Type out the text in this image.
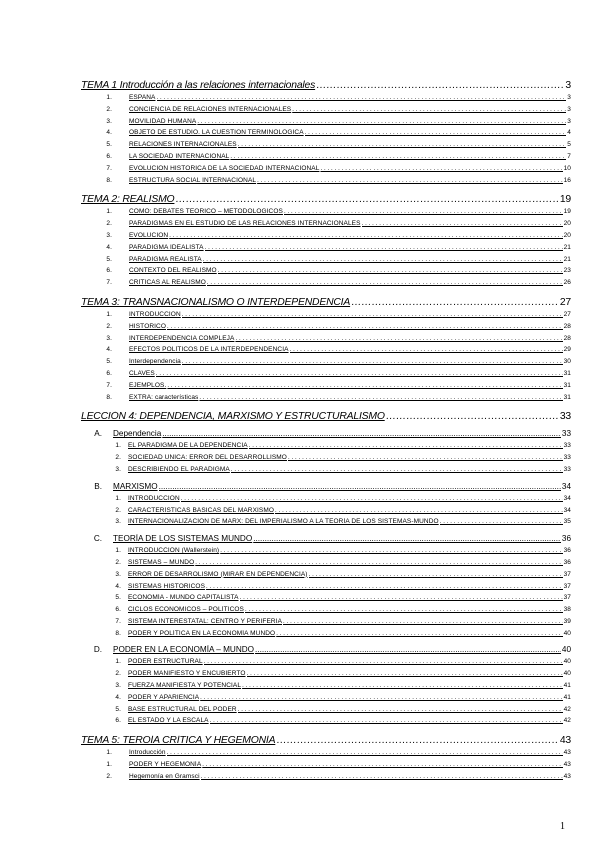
TEMA 1 Introducción a las relaciones internacionales ………………………………………………………………………………………………………………………………………………………………………………………………………………………………………	3
1.	ESPAÑA . . .	3
2.	CONCIENCIA DE RELACIONES INTERNACIONALES . . .	3
3.	MOVILIDAD HUMANA . . .	3
4.	OBJETO DE ESTUDIO. LA CUESTIÓN TERMINOLÓGICA . . .	4
5.	RELACIONES INTERNACIONALES . . .	5
6.	LA SOCIEDAD INTERNACIONAL . . .	7
7.	EVOLUCIÓN HISTÓRICA DE LA SOCIEDAD INTERNACIONAL . . .	10
8.	ESTRUCTURA SOCIAL INTERNACIONAL . . .	16
TEMA 2: REALISMO ………………………………………………………………………………………………………………………………………………………………………………………………………………………………………	19
1.	CÓMO: DEBATES TEÓRICO – METODOLÓGICOS . . .	19
2.	PARADIGMAS EN EL ESTUDIO DE LAS RELACIONES INTERNACIONALES . . .	20
3.	EVOLUCIÓN . . .	20
4.	PARADIGMA IDEALISTA . . .	21
5.	PARADIGMA REALISTA . . .	21
6.	CONTEXTO DEL REALISMO . . .	23
7.	CRÍTICAS AL REALISMO . . .	26
TEMA 3: TRANSNACIONALISMO O INTERDEPENDENCIA ………………………………………………………………………………………………………………………………………………………………………………………………………………………………………	27
1.	INTRODUCCIÓN . . .	27
2.	HISTÓRICO . . .	28
3.	INTERDEPENDENCIA COMPLEJA . . .	28
4.	EFECTOS POLÍTICOS DE LA INTERDEPENDENCIA . . .	29
5.	Interdependencia . . .	30
6.	CLAVES . . .	31
7.	EJEMPLOS. . . .	31
8.	EXTRA: características . . .	31
LECCIÓN 4: DEPENDENCIA, MARXISMO Y ESTRUCTURALISMO ………………………………………………………………………………………………………………………………………………………………………………………………………………………………………	33
A. Dependencia .....	33
1. EL PARADIGMA DE LA DEPENDENCIA . . .	33
2. SOCIEDAD ÚNICA: ERROR DEL DESARROLLISMO . . .	33
3. DESCRIBIENDO EL PARADIGMA . . .	33
B. MARXISMO .....	34
1. INTRODUCCIÓN . . .	34
2. CARACTERÍSTICAS BÁSICAS DEL MARXISMO . . .	34
3. INTERNACIONALIZACIÓN DE MARX: DEL IMPERIALISMO A LA TEORÍA DE LOS SISTEMAS-MUNDO . . .	35
C. TEORÍA DE LOS SISTEMAS MUNDO .....	36
1. INTRODUCCIÓN (Wallerstein) . . .	36
2. SISTEMAS – MUNDO . . .	36
3. ERROR DE DESARROLISMO (MIRAR EN DEPENDENCIA) . . .	37
4. SISTEMAS HISTÓRICOS . . .	37
5. ECONOMÍA - MUNDO CAPITALISTA . . .	37
6. CICLOS ECONÓMICOS – POLÍTICOS . . .	38
7. SISTEMA INTERESTATAL: CENTRO Y PERIFERIA . . .	39
8. PODER Y POLÍTICA EN LA ECONOMÍA MUNDO . . .	40
D. PODER EN LA ECONOMÍA – MUNDO .....	40
1. PODER ESTRUCTURAL . . .	40
2. PODER MANIFIESTO Y ENCUBIERTO . . .	40
3. FUERZA MANIFIESTA Y POTENCIAL . . .	41
4. PODER Y APARIENCIA . . .	41
5. BASE ESTRUCTURAL DEL PODER . . .	42
6. EL ESTADO Y LA ESCALA . . .	42
TEMA 5: TEROÍA CRÍTICA Y HEGEMONÍA ………………………………………………………………………………………………………………………………………………………………………………………………………………………………………	43
1.	Introducción . . .	43
1.	PODER Y HEGEMONÍA . . .	43
2.	Hegemonía en Gramsci . . .	43
1
